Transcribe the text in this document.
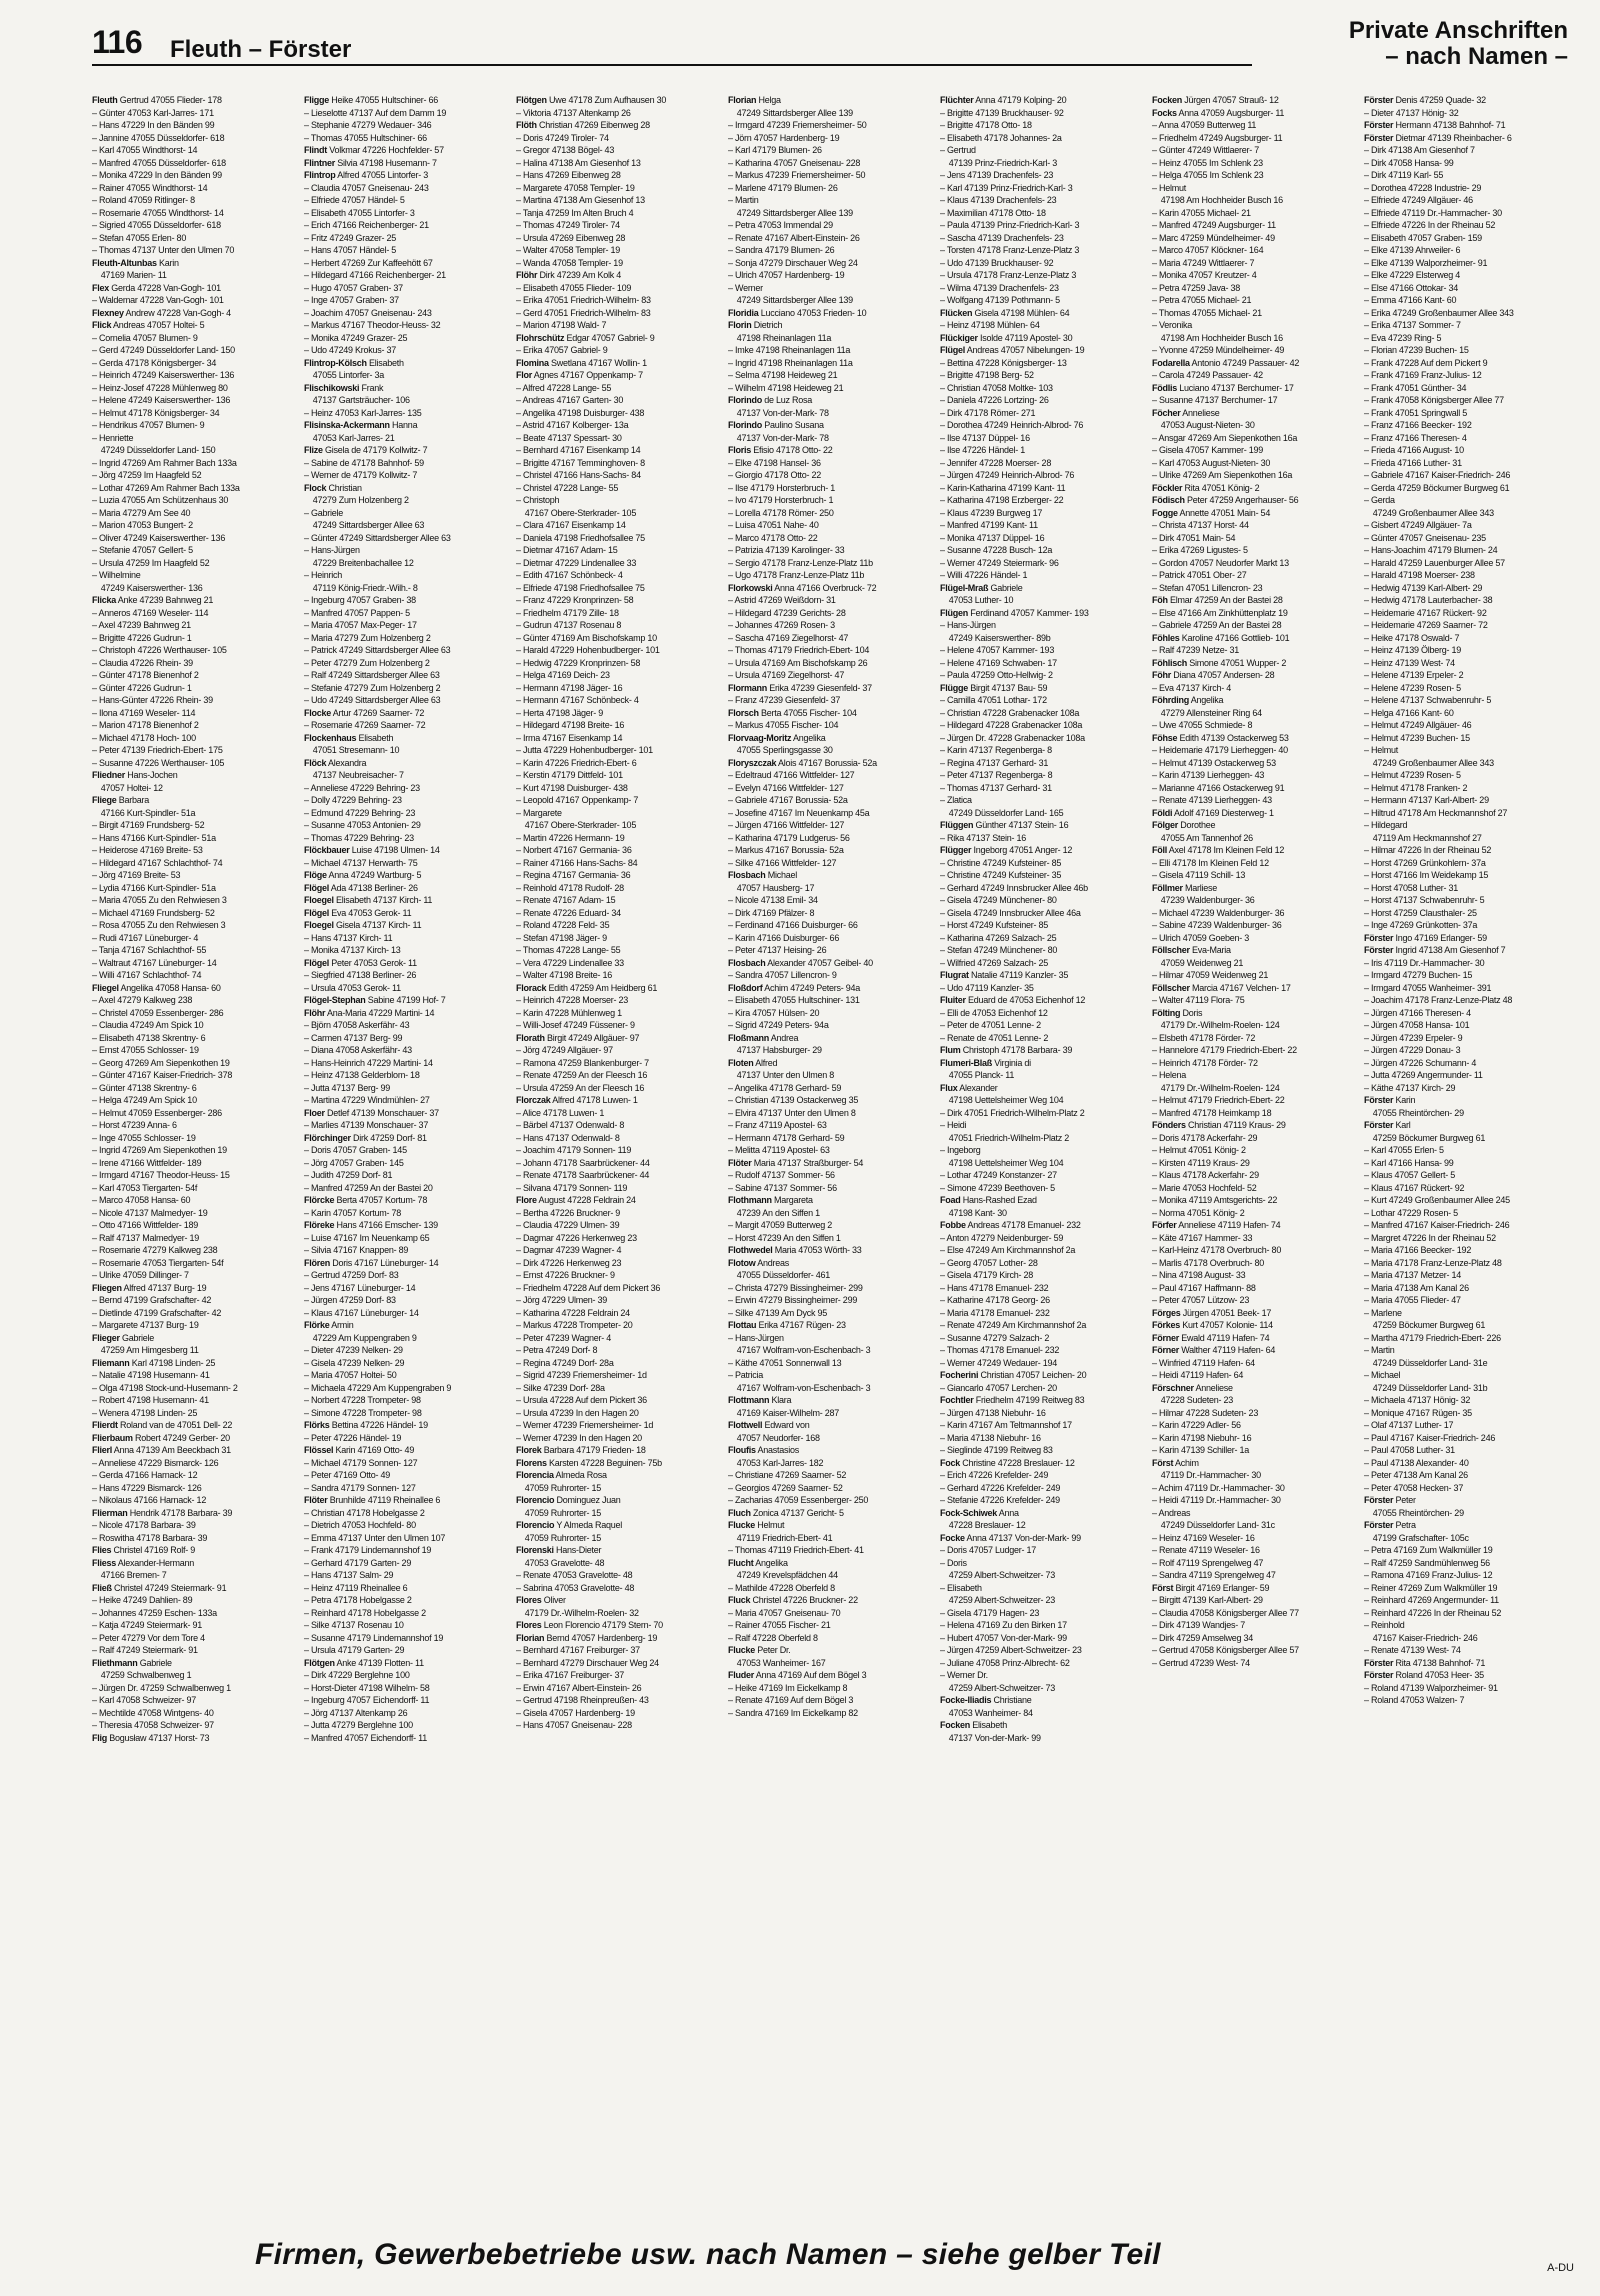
116 Fleuth – Förster
Private Anschriften
– nach Namen –
Fleuth Gertrud 47055 Flieder- 178
– Günter 47053 Karl-Jarres- 171
– Hans 47229 In den Bänden 99
– Jannine 47055 Düsseldorfer- 618
– Karl 47055 Windthorst- 14
– Manfred 47055 Düsseldorfer- 618
– Monika 47229 In den Bänden 99
– Rainer 47055 Windthorst- 14
– Roland 47059 Ritlinger- 8
– Rosemarie 47055 Windthorst- 14
– Sigried 47055 Düsseldorfer- 618
– Stefan 47055 Erlen- 80
– Thomas 47137 Unter den Ulmen 70
Fleuth-Altunbas Karin
 47169 Marien- 11
Flex Gerda 47228 Van-Gogh- 101
– Waldemar 47228 Van-Gogh- 101
Flexney Andrew 47228 Van-Gogh- 4
Flick Andreas 47057 Holtei- 5
– Cornelia 47057 Blumen- 9
– Gerd 47249 Düsseldorfer Land- 150
– Gerda 47178 Königsberger- 34
– Heinrich 47249 Kaiserswerther- 136
– Heinz-Josef 47228 Mühlenweg 80
– Helene 47249 Kaiserswerther- 136
– Helmut 47178 Königsberger- 34
– Hendrikus 47057 Blumen- 9
– Henriette
 47249 Düsseldorfer Land- 150
– Ingrid 47269 Am Rahmer Bach 133a
– Jörg 47259 Im Haagfeld 52
– Lothar 47269 Am Rahmer Bach 133a
– Luzia 47055 Am Schützenhaus 30
– Maria 47279 Am See 40
– Marion 47053 Bungert- 2
– Oliver 47249 Kaiserswerther- 136
– Stefanie 47057 Gellert- 5
– Ursula 47259 Im Haagfeld 52
– Wilhelmine
 47249 Kaiserswerther- 136
Flicka Anke 47239 Bahnweg 21
– Anneros 47169 Weseler- 114
– Axel 47239 Bahnweg 21
– Brigitte 47226 Gudrun- 1
– Christoph 47226 Werthauser- 105
– Claudia 47226 Rhein- 39
– Günter 47178 Bienenhof 2
– Günter 47226 Gudrun- 1
– Hans-Günter 47226 Rhein- 39
– Ilona 47169 Weseler- 114
– Marion 47178 Bienenhof 2
– Michael 47178 Hoch- 100
– Peter 47139 Friedrich-Ebert- 175
– Susanne 47226 Werthauser- 105
Fliedner Hans-Jochen
 47057 Holtei- 12
Fliege Barbara
 47166 Kurt-Spindler- 51a
– Birgit 47169 Frundsberg- 52
– Hans 47166 Kurt-Spindler- 51a
– Heiderose 47169 Breite- 53
– Hildegard 47167 Schlachthof- 74
– Jörg 47169 Breite- 53
– Lydia 47166 Kurt-Spindler- 51a
– Maria 47055 Zu den Rehwiesen 3
– Michael 47169 Frundsberg- 52
– Rosa 47055 Zu den Rehwiesen 3
– Rudi 47167 Lüneburger- 4
– Tanja 47167 Schlachthof- 55
– Waltraut 47167 Lüneburger- 14
– Willi 47167 Schlachthof- 74
Fliegel Angelika 47058 Hansa- 60
– Axel 47279 Kalkweg 238
– Christel 47059 Essenberger- 286
– Claudia 47249 Am Spick 10
– Elisabeth 47138 Skrentny- 6
– Ernst 47055 Schlosser- 19
– Georg 47269 Am Siepenkothen 19
– Günter 47167 Kaiser-Friedrich- 378
– Günter 47138 Skrentny- 6
– Helga 47249 Am Spick 10
– Helmut 47059 Essenberger- 286
– Horst 47239 Anna- 6
– Inge 47055 Schlosser- 19
– Ingrid 47269 Am Siepenkothen 19
– Irene 47166 Wittfelder- 189
– Irmgard 47167 Theodor-Heuss- 15
– Karl 47053 Tiergarten- 54f
– Marco 47058 Hansa- 60
– Nicole 47137 Malmedyer- 19
– Otto 47166 Wittfelder- 189
– Ralf 47137 Malmedyer- 19
– Rosemarie 47279 Kalkweg 238
– Rosemarie 47053 Tiergarten- 54f
– Ulrike 47059 Dillinger- 7
Fliegen Alfred 47137 Burg- 19
– Bernd 47199 Grafschafter- 42
– Dietlinde 47199 Grafschafter- 42
– Margarete 47137 Burg- 19
Flieger Gabriele
 47259 Am Himgesberg 11
Fliemann Karl 47198 Linden- 25
– Natalie 47198 Husemann- 41
– Olga 47198 Stock-und-Husemann- 2
– Robert 47198 Husemann- 41
– Wenera 47198 Linden- 25
Flierdt Roland van de 47051 Dell- 22
Flierbaum Robert 47249 Gerber- 20
Flierl Anna 47139 Am Beeckbach 31
– Anneliese 47229 Bismarck- 126
– Gerda 47166 Harnack- 12
– Hans 47229 Bismarck- 126
– Nikolaus 47166 Harnack- 12
Flierman Hendrik 47178 Barbara- 39
– Nicole 47178 Barbara- 39
– Roswitha 47178 Barbara- 39
Flies Christel 47169 Rolf- 9
Fliess Alexander-Hermann
 47166 Bremen- 7
Fließ Christel 47249 Steiermark- 91
– Heike 47249 Dahlien- 89
– Johannes 47259 Eschen- 133a
– Katja 47249 Steiermark- 91
– Peter 47279 Vor dem Tore 4
– Ralf 47249 Steiermark- 91
Fliethmann Gabriele
 47259 Schwalbenweg 1
– Jürgen Dr. 47259 Schwalbenweg 1
– Karl 47058 Schweizer- 97
– Mechtilde 47058 Wintgens- 40
– Theresia 47058 Schweizer- 97
Flig Bogusław 47137 Horst- 73
Fligge Heike 47055 Hultschiner- 66
– Lieselotte 47137 Auf dem Damm 19
– Stephanie 47279 Wedauer- 346
– Thomas 47055 Hultschiner- 66
Flindt Volkmar 47226 Hochfelder- 57
Flintner Silvia 47198 Husemann- 7
Flintrop Alfred 47055 Lintorfer- 3
– Claudia 47057 Gneisenau- 243
– Elfriede 47057 Händel- 5
– Elisabeth 47055 Lintorfer- 3
– Erich 47166 Reichenberger- 21
– Fritz 47249 Grazer- 25
– Hans 47057 Händel- 5
– Herbert 47269 Zur Kaffeehött 67
– Hildegard 47166 Reichenberger- 21
– Hugo 47057 Graben- 37
– Inge 47057 Graben- 37
– Joachim 47057 Gneisenau- 243
– Markus 47167 Theodor-Heuss- 32
– Monika 47249 Grazer- 25
– Udo 47249 Krokus- 37
Flintrop-Kölsch Elisabeth
 47055 Lintorfer- 3a
Flischikowski Frank
 47137 Gartsträucher- 106
– Heinz 47053 Karl-Jarres- 135
Flisinska-Ackermann Hanna
 47053 Karl-Jarres- 21
Flize Gisela de 47179 Kollwitz- 7
– Sabine de 47178 Bahnhof- 59
– Werner de 47179 Kollwitz- 7
Flock Christian
 47279 Zum Holzenberg 2
– Gabriele
 47249 Sittardsberger Allee 63
– Günter 47249 Sittardsberger Allee 63
– Hans-Jürgen
 47229 Breitenbachallee 12
– Heinrich
 47119 König-Friedr.-Wilh.- 8
– Ingeburg 47057 Graben- 38
– Manfred 47057 Pappen- 5
– Maria 47057 Max-Peger- 17
– Maria 47279 Zum Holzenberg 2
– Patrick 47249 Sittardsberger Allee 63
– Peter 47279 Zum Holzenberg 2
– Ralf 47249 Sittardsberger Allee 63
– Stefanie 47279 Zum Holzenberg 2
– Udo 47249 Sittardsberger Allee 63
Flocke Artur 47269 Saarner- 72
– Rosemarie 47269 Saarner- 72
Flockenhaus Elisabeth
 47051 Stresemann- 10
Flöck Alexandra
 47137 Neubreisacher- 7
– Anneliese 47229 Behring- 23
– Dolly 47229 Behring- 23
– Edmund 47229 Behring- 23
– Susanne 47053 Antonien- 29
– Thomas 47229 Behring- 23
Flöckbauer Luise 47198 Ulmen- 14
– Michael 47137 Herwarth- 75
Flöge Anna 47249 Wartburg- 5
Flögel Ada 47138 Berliner- 26
Floegel Elisabeth 47137 Kirch- 11
Flögel Eva 47053 Gerok- 11
Floegel Gisela 47137 Kirch- 11
– Hans 47137 Kirch- 11
– Monika 47137 Kirch- 13
Flögel Peter 47053 Gerok- 11
– Siegfried 47138 Berliner- 26
– Ursula 47053 Gerok- 11
Flögel-Stephan Sabine 47199 Hof- 7
Flöhr Ana-Maria 47229 Martini- 14
– Björn 47058 Askerfähr- 43
– Carmen 47137 Berg- 99
– Diana 47058 Askerfähr- 43
– Hans-Heinrich 47229 Martini- 14
– Heinz 47138 Gelderblom- 18
– Jutta 47137 Berg- 99
– Martina 47229 Windmühlen- 27
Floer Detlef 47139 Monschauer- 37
– Marlies 47139 Monschauer- 37
Flörchinger Dirk 47259 Dorf- 81
– Doris 47057 Graben- 145
– Jörg 47057 Graben- 145
– Judith 47259 Dorf- 81
– Manfred 47259 An der Bastei 20
Flörcke Berta 47057 Kortum- 78
– Karin 47057 Kortum- 78
Flöreke Hans 47166 Emscher- 139
– Luise 47167 Im Neuenkamp 65
– Silvia 47167 Knappen- 89
Flören Doris 47167 Lüneburger- 14
– Gertrud 47259 Dorf- 83
– Jens 47167 Lüneburger- 14
– Jürgen 47259 Dorf- 83
– Klaus 47167 Lüneburger- 14
Flörke Armin
 47229 Am Kuppengraben 9
– Dieter 47239 Nelken- 29
– Gisela 47239 Nelken- 29
– Maria 47057 Holtei- 50
– Michaela 47229 Am Kuppengraben 9
– Norbert 47228 Trompeter- 98
– Simone 47228 Trompeter- 98
Flörks Bettina 47226 Händel- 19
– Peter 47226 Händel- 19
Flössel Karin 47169 Otto- 49
– Michael 47179 Sonnen- 127
– Peter 47169 Otto- 49
– Sandra 47179 Sonnen- 127
Flöter Brunhilde 47119 Rheinallee 6
– Christian 47178 Hobelgasse 2
– Dietrich 47053 Hochfeld- 80
– Emma 47137 Unter den Ulmen 107
– Frank 47179 Lindemannshof 19
– Gerhard 47179 Garten- 29
– Hans 47137 Salm- 29
– Heinz 47119 Rheinallee 6
– Petra 47178 Hobelgasse 2
– Reinhard 47178 Hobelgasse 2
– Silke 47137 Rosenau 10
– Susanne 47179 Lindemannshof 19
– Ursula 47179 Garten- 29
Flötgen Anke 47139 Flotten- 11
– Dirk 47229 Berglehne 100
– Horst-Dieter 47198 Wilhelm- 58
– Ingeburg 47057 Eichendorff- 11
– Jörg 47137 Altenkamp 26
– Jutta 47279 Berglehne 100
– Manfred 47057 Eichendorff- 11
Flötgen Uwe 47178 Zum Aufhausen 30
– Viktoria 47137 Altenkamp 26
Flöth Christian 47269 Eibenweg 28
– Doris 47249 Tiroler- 74
– Gregor 47138 Bögel- 43
– Halina 47138 Am Giesenhof 13
– Hans 47269 Eibenweg 28
– Margarete 47058 Templer- 19
– Martina 47138 Am Giesenhof 13
– Tanja 47259 Im Alten Bruch 4
– Thomas 47249 Tiroler- 74
– Ursula 47269 Eibenweg 28
– Walter 47058 Templer- 19
– Wanda 47058 Templer- 19
Flöhr Dirk 47239 Am Kolk 4
– Elisabeth 47055 Flieder- 109
– Erika 47051 Friedrich-Wilhelm- 83
– Gerd 47051 Friedrich-Wilhelm- 83
– Marion 47198 Wald- 7
Flohrschütz Edgar 47057 Gabriel- 9
– Erika 47057 Gabriel- 9
Flomina Swetlana 47167 Wollin- 1
Flor Agnes 47167 Oppenkamp- 7
– Alfred 47228 Lange- 55
– Andreas 47167 Garten- 30
– Angelika 47198 Duisburger- 438
– Astrid 47167 Kolberger- 13a
– Beate 47137 Spessart- 30
– Bernhard 47167 Eisenkamp 14
– Brigitte 47167 Temminghoven- 8
– Christel 47166 Hans-Sachs- 84
– Christel 47228 Lange- 55
– Christoph
 47167 Obere-Sterkrader- 105
– Clara 47167 Eisenkamp 14
– Daniela 47198 Friedhofsallee 75
– Dietmar 47167 Adam- 15
– Dietmar 47229 Lindenallee 33
– Edith 47167 Schönbeck- 4
– Elfriede 47198 Friedhofsallee 75
– Franz 47229 Kronprinzen- 58
– Friedhelm 47179 Zille- 18
– Gudrun 47137 Rosenau 8
– Günter 47169 Am Bischofskamp 10
– Harald 47229 Hohenbudberger- 101
– Hedwig 47229 Kronprinzen- 58
– Helga 47169 Deich- 23
– Hermann 47198 Jäger- 16
– Hermann 47167 Schönbeck- 4
– Herta 47198 Jäger- 9
– Hildegard 47198 Breite- 16
– Irma 47167 Eisenkamp 14
– Jutta 47229 Hohenbudberger- 101
– Karin 47226 Friedrich-Ebert- 6
– Kerstin 47179 Dittfeld- 101
– Kurt 47198 Duisburger- 438
– Leopold 47167 Oppenkamp- 7
– Margarete
 47167 Obere-Sterkrader- 105
– Martin 47226 Hermann- 19
– Norbert 47167 Germania- 36
– Rainer 47166 Hans-Sachs- 84
– Regina 47167 Germania- 36
– Reinhold 47178 Rudolf- 28
– Renate 47167 Adam- 15
– Renate 47226 Eduard- 34
– Roland 47228 Feld- 35
– Stefan 47198 Jäger- 9
– Thomas 47228 Lange- 55
– Vera 47229 Lindenallee 33
– Walter 47198 Breite- 16
Florack Edith 47259 Am Heidberg 61
– Heinrich 47228 Moerser- 23
– Karin 47228 Mühlenweg 1
– Willi-Josef 47249 Füssener- 9
Florath Birgit 47249 Allgäuer- 97
– Jörg 47249 Allgäuer- 97
– Ramona 47259 Blankenburger- 7
– Renate 47259 An der Fleesch 16
– Ursula 47259 An der Fleesch 16
Florczak Alfred 47178 Luwen- 1
– Alice 47178 Luwen- 1
– Bärbel 47137 Odenwald- 8
– Hans 47137 Odenwald- 8
– Joachim 47179 Sonnen- 119
– Johann 47178 Saarbrückener- 44
– Renate 47178 Saarbrückener- 44
– Silvana 47179 Sonnen- 119
Flore August 47228 Feldrain 24
– Bertha 47226 Bruckner- 9
– Claudia 47229 Ulmen- 39
– Dagmar 47226 Herkenweg 23
– Dagmar 47239 Wagner- 4
– Dirk 47226 Herkenweg 23
– Ernst 47226 Bruckner- 9
– Friedhelm 47228 Auf dem Pickert 36
– Jörg 47229 Ulmen- 39
– Katharina 47228 Feldrain 24
– Markus 47228 Trompeter- 20
– Peter 47239 Wagner- 4
– Petra 47249 Dorf- 8
– Regina 47249 Dorf- 28a
– Sigrid 47239 Friemersheimer- 1d
– Silke 47239 Dorf- 28a
– Ursula 47228 Auf dem Pickert 36
– Ursula 47239 In den Hagen 20
– Werner 47239 Friemersheimer- 1d
– Werner 47239 In den Hagen 20
Florek Barbara 47179 Frieden- 18
Florens Karsten 47228 Beguinen- 75b
Florencia Almeda Rosa
 47059 Ruhrorter- 15
Florencio Dominguez Juan
 47059 Ruhrorter- 15
Florencio Y Almeda Raquel
 47059 Ruhrorter- 15
Florenski Hans-Dieter
 47053 Gravelotte- 48
– Renate 47053 Gravelotte- 48
– Sabrina 47053 Gravelotte- 48
Flores Oliver
 47179 Dr.-Wilhelm-Roelen- 32
Flores Leon Florencio 47179 Stern- 70
Florian Bernd 47057 Hardenberg- 19
– Bernhard 47167 Freiburger- 37
– Bernhard 47279 Dirschauer Weg 24
– Erika 47167 Freiburger- 37
– Erwin 47167 Albert-Einstein- 26
– Gertrud 47198 Rheinpreußen- 43
– Gisela 47057 Hardenberg- 19
– Hans 47057 Gneisenau- 228
Florian Helga
 47249 Sittardsberger Allee 139
– Irmgard 47239 Friemersheimer- 50
– Jörn 47057 Hardenberg- 19
– Karl 47179 Blumen- 26
– Katharina 47057 Gneisenau- 228
– Markus 47239 Friemersheimer- 50
– Marlene 47179 Blumen- 26
– Martin
 47249 Sittardsberger Allee 139
– Petra 47053 Immendal 29
– Renate 47167 Albert-Einstein- 26
– Sandra 47179 Blumen- 26
– Sonja 47279 Dirschauer Weg 24
– Ulrich 47057 Hardenberg- 19
– Werner
 47249 Sittardsberger Allee 139
Floridia Lucciano 47053 Frieden- 10
Florin Dietrich
 47198 Rheinanlagen 11a
– Imke 47198 Rheinanlagen 11a
– Ingrid 47198 Rheinanlagen 11a
– Selma 47198 Heideweg 21
– Wilhelm 47198 Heideweg 21
Florindo de Luz Rosa
 47137 Von-der-Mark- 78
Florindo Paulino Susana
 47137 Von-der-Mark- 78
Floris Efisio 47178 Otto- 22
– Elke 47198 Hansel- 36
– Giorgio 47178 Otto- 22
– Ilse 47179 Horsterbruch- 1
– Ivo 47179 Horsterbruch- 1
– Lorella 47178 Römer- 250
– Luisa 47051 Nahe- 40
– Marco 47178 Otto- 22
– Patrizia 47139 Karolinger- 33
– Sergio 47178 Franz-Lenze-Platz 11b
– Ugo 47178 Franz-Lenze-Platz 11b
Florkowski Anna 47166 Overbruck- 72
– Astrid 47269 Weißdorn- 31
– Hildegard 47239 Gerichts- 28
– Johannes 47269 Rosen- 3
– Sascha 47169 Ziegelhorst- 47
– Thomas 47179 Friedrich-Ebert- 104
– Ursula 47169 Am Bischofskamp 26
– Ursula 47169 Ziegelhorst- 47
Flormann Erika 47239 Giesenfeld- 37
– Franz 47239 Giesenfeld- 37
Florsch Berta 47055 Fischer- 104
– Markus 47055 Fischer- 104
Florvaag-Moritz Angelika
 47055 Sperlingsgasse 30
Floryszczak Alois 47167 Borussia- 52a
– Edeltraud 47166 Wittfelder- 127
– Evelyn 47166 Wittfelder- 127
– Gabriele 47167 Borussia- 52a
– Josefine 47167 Im Neuenkamp 45a
– Jürgen 47166 Wittfelder- 127
– Katharina 47179 Ludgerus- 56
– Markus 47167 Borussia- 52a
– Silke 47166 Wittfelder- 127
Flosbach Michael
 47057 Hausberg- 17
– Nicole 47138 Emil- 34
– Dirk 47169 Pfälzer- 8
– Ferdinand 47166 Duisburger- 66
– Karin 47166 Duisburger- 66
– Peter 47137 Heising- 26
Flosbach Alexander 47057 Geibel- 40
– Sandra 47057 Lillencron- 9
Floßdorf Achim 47249 Peters- 94a
– Elisabeth 47055 Hultschiner- 131
– Kira 47057 Hülsen- 20
– Sigrid 47249 Peters- 94a
Floßmann Andrea
 47137 Habsburger- 29
Floten Alfred
 47137 Unter den Ulmen 8
– Angelika 47178 Gerhard- 59
– Christian 47139 Ostackerweg 35
– Elvira 47137 Unter den Ulmen 8
– Franz 47119 Apostel- 63
– Hermann 47178 Gerhard- 59
– Melitta 47119 Apostel- 63
Flöter Maria 47137 Straßburger- 54
– Rudolf 47137 Sommer- 56
– Sabine 47137 Sommer- 56
Flothmann Margareta
 47239 An den Siffen 1
– Margit 47059 Butterweg 2
– Horst 47239 An den Siffen 1
Flothwedel Maria 47053 Wörth- 33
Flotow Andreas
 47055 Düsseldorfer- 461
– Christa 47279 Bissingheimer- 299
– Erwin 47279 Bissingheimer- 299
– Silke 47139 Am Dyck 95
Flottau Erika 47167 Rügen- 23
– Hans-Jürgen
 47167 Wolfram-von-Eschenbach- 3
– Käthe 47051 Sonnenwall 13
– Patricia
 47167 Wolfram-von-Eschenbach- 3
Flottmann Klara
 47169 Kaiser-Wilhelm- 287
Flottwell Edward von
 47057 Neudorfer- 168
Floufis Anastasios
 47053 Karl-Jarres- 182
– Christiane 47269 Saarner- 52
– Georgios 47269 Saarner- 52
– Zacharias 47059 Essenberger- 250
Fluch Zonica 47137 Gericht- 5
Flucke Helmut
 47119 Friedrich-Ebert- 41
– Thomas 47119 Friedrich-Ebert- 41
Flucht Angelika
 47249 Krevelspfädchen 44
– Mathilde 47228 Oberfeld 8
Fluck Christel 47226 Bruckner- 22
– Maria 47057 Gneisenau- 70
– Rainer 47055 Fischer- 21
– Ralf 47228 Oberfeld 8
Flucke Peter Dr.
 47053 Wanheimer- 167
Fluder Anna 47169 Auf dem Bögel 3
– Heike 47169 Im Eickelkamp 8
– Renate 47169 Auf dem Bögel 3
– Sandra 47169 Im Eickelkamp 82
Flüchter Anna 47179 Kolping- 20
– Brigitte 47139 Bruckhauser- 92
– Brigitte 47178 Otto- 18
– Elisabeth 47178 Johannes- 2a
– Gertrud
 47139 Prinz-Friedrich-Karl- 3
– Jens 47139 Drachenfels- 23
– Karl 47139 Prinz-Friedrich-Karl- 3
– Klaus 47139 Drachenfels- 23
– Maximilian 47178 Otto- 18
– Paula 47139 Prinz-Friedrich-Karl- 3
– Sascha 47139 Drachenfels- 23
– Torsten 47178 Franz-Lenze-Platz 3
– Udo 47139 Bruckhauser- 92
– Ursula 47178 Franz-Lenze-Platz 3
– Wilma 47139 Drachenfels- 23
– Wolfgang 47139 Pothmann- 5
Flücken Gisela 47198 Mühlen- 64
– Heinz 47198 Mühlen- 64
Flückiger Isolde 47119 Apostel- 30
Flügel Andreas 47057 Nibelungen- 19
– Bettina 47228 Königsberger- 13
– Brigitte 47198 Berg- 52
– Christian 47058 Moltke- 103
– Daniela 47226 Lortzing- 26
– Dirk 47178 Römer- 271
– Dorothea 47249 Heinrich-Albrod- 76
– Ilse 47137 Düppel- 16
– Ilse 47226 Händel- 1
– Jennifer 47228 Moerser- 28
– Jürgen 47249 Heinrich-Albrod- 76
– Karin-Katharina 47199 Kant- 11
– Katharina 47198 Erzberger- 22
– Klaus 47239 Burgweg 17
– Manfred 47199 Kant- 11
– Monika 47137 Düppel- 16
– Susanne 47228 Busch- 12a
– Werner 47249 Steiermark- 96
– Willi 47226 Händel- 1
Flügel-Mraß Gabriele
 47053 Luther- 10
Flügen Ferdinand 47057 Kammer- 193
– Hans-Jürgen
 47249 Kaiserswerther- 89b
– Helene 47057 Kammer- 193
– Helene 47169 Schwaben- 17
– Paula 47259 Otto-Hellwig- 2
Flügge Birgit 47137 Bau- 59
– Camilla 47051 Lothar- 172
– Christian 47228 Grabenacker 108a
– Hildegard 47228 Grabenacker 108a
– Jürgen Dr. 47228 Grabenacker 108a
– Karin 47137 Regenberga- 8
– Regina 47137 Gerhard- 31
– Peter 47137 Regenberga- 8
– Thomas 47137 Gerhard- 31
– Zlatica
 47249 Düsseldorfer Land- 165
Flüggen Günther 47137 Stein- 16
– Rika 47137 Stein- 16
Flügger Ingeborg 47051 Anger- 12
– Christine 47249 Kufsteiner- 85
– Christine 47249 Kufsteiner- 35
– Gerhard 47249 Innsbrucker Allee 46b
– Gisela 47249 Münchener- 80
– Gisela 47249 Innsbrucker Allee 46a
– Horst 47249 Kufsteiner- 85
– Katharina 47269 Salzach- 25
– Stefan 47249 Münchener- 80
– Wilfried 47269 Salzach- 25
Flugrat Natalie 47119 Kanzler- 35
– Udo 47119 Kanzler- 35
Fluiter Eduard de 47053 Eichenhof 12
– Elli de 47053 Eichenhof 12
– Peter de 47051 Lenne- 2
– Renate de 47051 Lenne- 2
Flum Christoph 47178 Barbara- 39
Flumeri-Blaß Virginia di
 47055 Planck- 11
Flux Alexander
 47198 Uettelsheimer Weg 104
– Dirk 47051 Friedrich-Wilhelm-Platz 2
– Heidi
 47051 Friedrich-Wilhelm-Platz 2
– Ingeborg
 47198 Uettelsheimer Weg 104
– Lothar 47249 Konstanzer- 27
– Simone 47239 Beethoven- 5
Foad Hans-Rashed Ezad
 47198 Kant- 30
Fobbe Andreas 47178 Emanuel- 232
– Anton 47279 Neidenburger- 59
– Else 47249 Am Kirchmannshof 2a
– Georg 47057 Lother- 28
– Gisela 47179 Kirch- 28
– Hans 47178 Emanuel- 232
– Katharine 47178 Georg- 26
– Maria 47178 Emanuel- 232
– Renate 47249 Am Kirchmannshof 2a
– Susanne 47279 Salzach- 2
– Thomas 47178 Emanuel- 232
– Werner 47249 Wedauer- 194
Focherini Christian 47057 Leichen- 20
– Giancarlo 47057 Lerchen- 20
Fochtler Friedhelm 47199 Reitweg 83
– Jürgen 47138 Niebuhr- 16
– Karin 47167 Am Teltmannshof 17
– Maria 47138 Niebuhr- 16
– Sieglinde 47199 Reitweg 83
Fock Christine 47228 Breslauer- 12
– Erich 47226 Krefelder- 249
– Gerhard 47226 Krefelder- 249
– Stefanie 47226 Krefelder- 249
Fock-Schiwek Anna
 47228 Breslauer- 12
Focke Anna 47137 Von-der-Mark- 99
– Doris 47057 Ludger- 17
– Doris
 47259 Albert-Schweitzer- 73
– Elisabeth
 47259 Albert-Schweitzer- 23
– Gisela 47179 Hagen- 23
– Helena 47169 Zu den Birken 17
– Hubert 47057 Von-der-Mark- 99
– Jürgen 47259 Albert-Schweitzer- 23
– Juliane 47058 Prinz-Albrecht- 62
– Werner Dr.
 47259 Albert-Schweitzer- 73
Focke-Iliadis Christiane
 47053 Wanheimer- 84
Focken Elisabeth
 47137 Von-der-Mark- 99
Focken Jürgen 47057 Strauß- 12
Focks Anna 47059 Augsburger- 11
– Anna 47059 Butterweg 11
– Friedhelm 47249 Augsburger- 11
– Günter 47249 Wittlaerer- 7
– Heinz 47055 Im Schlenk 23
– Helga 47055 Im Schlenk 23
– Helmut
 47198 Am Hochheider Busch 16
– Karin 47055 Michael- 21
– Manfred 47249 Augsburger- 11
– Marc 47259 Mündelheimer- 49
– Marco 47057 Klöckner- 164
– Maria 47249 Wittlaerer- 7
– Monika 47057 Kreutzer- 4
– Petra 47259 Java- 38
– Petra 47055 Michael- 21
– Thomas 47055 Michael- 21
– Veronika
 47198 Am Hochheider Busch 16
– Yvonne 47259 Mündelheimer- 49
Fodarella Antonio 47249 Passauer- 42
– Carola 47249 Passauer- 42
Födlis Luciano 47137 Berchumer- 17
– Susanne 47137 Berchumer- 17
Föcher Anneliese
 47053 August-Nieten- 30
– Ansgar 47269 Am Siepenkothen 16a
– Gisela 47057 Kammer- 199
– Karl 47053 August-Nieten- 30
– Ulrike 47269 Am Siepenkothen 16a
Föckler Rita 47051 König- 2
Födisch Peter 47259 Angerhauser- 56
Fogge Annette 47051 Main- 54
– Christa 47137 Horst- 44
– Dirk 47051 Main- 54
– Erika 47269 Ligustes- 5
– Gordon 47057 Neudorfer Markt 13
– Patrick 47051 Ober- 27
– Stefan 47051 Lillencron- 23
Föh Elmar 47259 An der Bastei 28
– Else 47166 Am Zinkhüttenplatz 19
– Gabriele 47259 An der Bastei 28
Föhles Karoline 47166 Gottlieb- 101
– Ralf 47239 Netze- 31
Föhlisch Simone 47051 Wupper- 2
Föhr Diana 47057 Andersen- 28
– Eva 47137 Kirch- 4
Föhrding Angelika
 47279 Allensteiner Ring 64
– Uwe 47055 Schmiede- 8
Föhse Edith 47139 Ostackerweg 53
– Heidemarie 47179 Lierheggen- 40
– Helmut 47139 Ostackerweg 53
– Karin 47139 Lierheggen- 43
– Marianne 47166 Ostackerweg 91
– Renate 47139 Lierheggen- 43
Földi Adolf 47169 Diesterweg- 1
Fölger Dorothee
 47055 Am Tannenhof 26
Föll Axel 47178 Im Kleinen Feld 12
– Elli 47178 Im Kleinen Feld 12
– Gisela 47119 Schill- 13
Föllmer Marliese
 47239 Waldenburger- 36
– Michael 47239 Waldenburger- 36
– Sabine 47239 Waldenburger- 36
– Ulrich 47059 Goeben- 3
Föllscher Eva-Maria
 47059 Weidenweg 21
– Hilmar 47059 Weidenweg 21
Föllscher Marcia 47167 Velchen- 17
– Walter 47119 Flora- 75
Fölting Doris
 47179 Dr.-Wilhelm-Roelen- 124
– Elsbeth 47178 Förder- 72
– Hannelore 47179 Friedrich-Ebert- 22
– Heinrich 47178 Förder- 72
– Helena
 47179 Dr.-Wilhelm-Roelen- 124
– Helmut 47179 Friedrich-Ebert- 22
– Manfred 47178 Heimkamp 18
Fönders Christian 47119 Kraus- 29
– Doris 47178 Ackerfahr- 29
– Helmut 47051 König- 2
– Kirsten 47119 Kraus- 29
– Klaus 47178 Ackerfahr- 29
– Marie 47053 Hochfeld- 52
– Monika 47119 Amtsgerichts- 22
– Norma 47051 König- 2
Förfer Anneliese 47119 Hafen- 74
– Käte 47167 Hammer- 33
– Karl-Heinz 47178 Overbruch- 80
– Marlis 47178 Overbruch- 80
– Nina 47198 August- 33
– Paul 47167 Haffmann- 88
– Peter 47057 Lützow- 23
Förges Jürgen 47051 Beek- 17
Förkes Kurt 47057 Kolonie- 114
Förner Ewald 47119 Hafen- 74
Förner Walther 47119 Hafen- 64
– Winfried 47119 Hafen- 64
– Heidi 47119 Hafen- 64
Förschner Anneliese
 47228 Sudeten- 23
– Hilmar 47228 Sudeten- 23
– Karin 47229 Adler- 56
– Karin 47198 Niebuhr- 16
– Karin 47139 Schiller- 1a
Först Achim
 47119 Dr.-Hammacher- 30
– Achim 47119 Dr.-Hammacher- 30
– Heidi 47119 Dr.-Hammacher- 30
– Andreas
 47249 Düsseldorfer Land- 31c
– Heinz 47169 Weseler- 16
– Renate 47119 Weseler- 16
– Rolf 47119 Sprengelweg 47
– Sandra 47119 Sprengelweg 47
Först Birgit 47169 Erlanger- 59
– Birgitt 47139 Karl-Albert- 29
– Claudia 47058 Königsberger Allee 77
– Dirk 47139 Wandjes- 7
– Dirk 47259 Amselweg 34
– Gertrud 47058 Königsberger Allee 57
– Gertrud 47239 West- 74
Förster Denis 47259 Quade- 32
– Dieter 47137 Hönig- 32
Förster Hermann 47138 Bahnhof- 71
Förster Dietmar 47139 Rheinbacher- 6
– Dirk 47138 Am Giesenhof 7
– Dirk 47058 Hansa- 99
– Dirk 47119 Karl- 55
– Dorothea 47228 Industrie- 29
– Elfriede 47249 Allgäuer- 46
– Elfriede 47119 Dr.-Hammacher- 30
– Elfriede 47226 In der Rheinau 52
– Elisabeth 47057 Graben- 159
– Elke 47139 Ahrweiler- 6
– Elke 47139 Walporzheimer- 91
– Elke 47229 Elsterweg 4
– Else 47166 Ottokar- 34
– Emma 47166 Kant- 60
– Erika 47249 Großenbaumer Allee 343
– Erika 47137 Sommer- 7
– Eva 47239 Ring- 5
– Florian 47239 Buchen- 15
– Frank 47228 Auf dem Pickert 9
– Frank 47169 Franz-Julius- 12
– Frank 47051 Günther- 34
– Frank 47058 Königsberger Allee 77
– Frank 47051 Springwall 5
– Franz 47166 Beecker- 192
– Franz 47166 Theresen- 4
– Frieda 47166 August- 10
– Frieda 47166 Luther- 31
– Gabriele 47167 Kaiser-Friedrich- 246
– Gerda 47259 Böckumer Burgweg 61
– Gerda
 47249 Großenbaumer Allee 343
– Gisbert 47249 Allgäuer- 7a
– Günter 47057 Gneisenau- 235
– Hans-Joachim 47179 Blumen- 24
– Harald 47259 Lauenburger Allee 57
– Harald 47198 Moerser- 238
– Hedwig 47139 Karl-Albert- 29
– Hedwig 47178 Lauterbacher- 38
– Heidemarie 47167 Rückert- 92
– Heidemarie 47269 Saarner- 72
– Heike 47178 Oswald- 7
– Heinz 47139 Ölberg- 19
– Heinz 47139 West- 74
– Helene 47139 Erpeler- 2
– Helene 47239 Rosen- 5
– Helene 47137 Schwabenruhr- 5
– Helga 47166 Kant- 60
– Helmut 47249 Allgäuer- 46
– Helmut 47239 Buchen- 15
– Helmut
 47249 Großenbaumer Allee 343
– Helmut 47239 Rosen- 5
– Helmut 47178 Franken- 2
– Hermann 47137 Karl-Albert- 29
– Hiltrud 47178 Am Heckmannshof 27
– Hildegard
 47119 Am Heckmannshof 27
– Hilmar 47226 In der Rheinau 52
– Horst 47269 Grünkohlern- 37a
– Horst 47166 Im Weidekamp 15
– Horst 47058 Luther- 31
– Horst 47137 Schwabenruhr- 5
– Horst 47259 Clausthaler- 25
– Inge 47269 Grünkotten- 37a
Förster Ingo 47169 Erlanger- 59
Förster Ingrid 47138 Am Giesenhof 7
– Iris 47119 Dr.-Hammacher- 30
– Irmgard 47279 Buchen- 15
– Irmgard 47055 Wanheimer- 391
– Joachim 47178 Franz-Lenze-Platz 48
– Jürgen 47166 Theresen- 4
– Jürgen 47058 Hansa- 101
– Jürgen 47239 Erpeler- 9
– Jürgen 47229 Donau- 3
– Jürgen 47226 Schumann- 4
– Jutta 47269 Angermunder- 11
– Käthe 47137 Kirch- 29
Förster Karin
 47055 Rheintörchen- 29
Förster Karl
 47259 Böckumer Burgweg 61
– Karl 47055 Erlen- 5
– Karl 47166 Hansa- 99
– Klaus 47057 Gellert- 5
– Klaus 47167 Rückert- 92
– Kurt 47249 Großenbaumer Allee 245
– Lothar 47229 Rosen- 5
– Manfred 47167 Kaiser-Friedrich- 246
– Margret 47226 In der Rheinau 52
– Maria 47166 Beecker- 192
– Maria 47178 Franz-Lenze-Platz 48
– Maria 47137 Metzer- 14
– Maria 47138 Am Kanal 26
– Maria 47055 Flieder- 47
– Marlene
 47259 Böckumer Burgweg 61
– Martha 47179 Friedrich-Ebert- 226
– Martin
 47249 Düsseldorfer Land- 31e
– Michael
 47249 Düsseldorfer Land- 31b
– Michaela 47137 Hönig- 32
– Monique 47167 Rügen- 35
– Olaf 47137 Luther- 17
– Paul 47167 Kaiser-Friedrich- 246
– Paul 47058 Luther- 31
– Paul 47138 Alexander- 40
– Peter 47138 Am Kanal 26
– Peter 47058 Hecken- 37
Förster Peter
 47055 Rheintörchen- 29
Förster Petra
 47199 Grafschafter- 105c
– Petra 47169 Zum Walkmüller 19
– Ralf 47259 Sandmühlenweg 56
– Ramona 47169 Franz-Julius- 12
– Reiner 47269 Zum Walkmüller 19
– Reinhard 47269 Angermunder- 11
– Reinhard 47226 In der Rheinau 52
– Reinhold
 47167 Kaiser-Friedrich- 246
– Renate 47139 West- 74
Förster Rita 47138 Bahnhof- 71
Förster Roland 47053 Heer- 35
– Roland 47139 Walporzheimer- 91
– Roland 47053 Walzen- 7
Firmen, Gewerbebetriebe usw. nach Namen – siehe gelber Teil	A-DU
